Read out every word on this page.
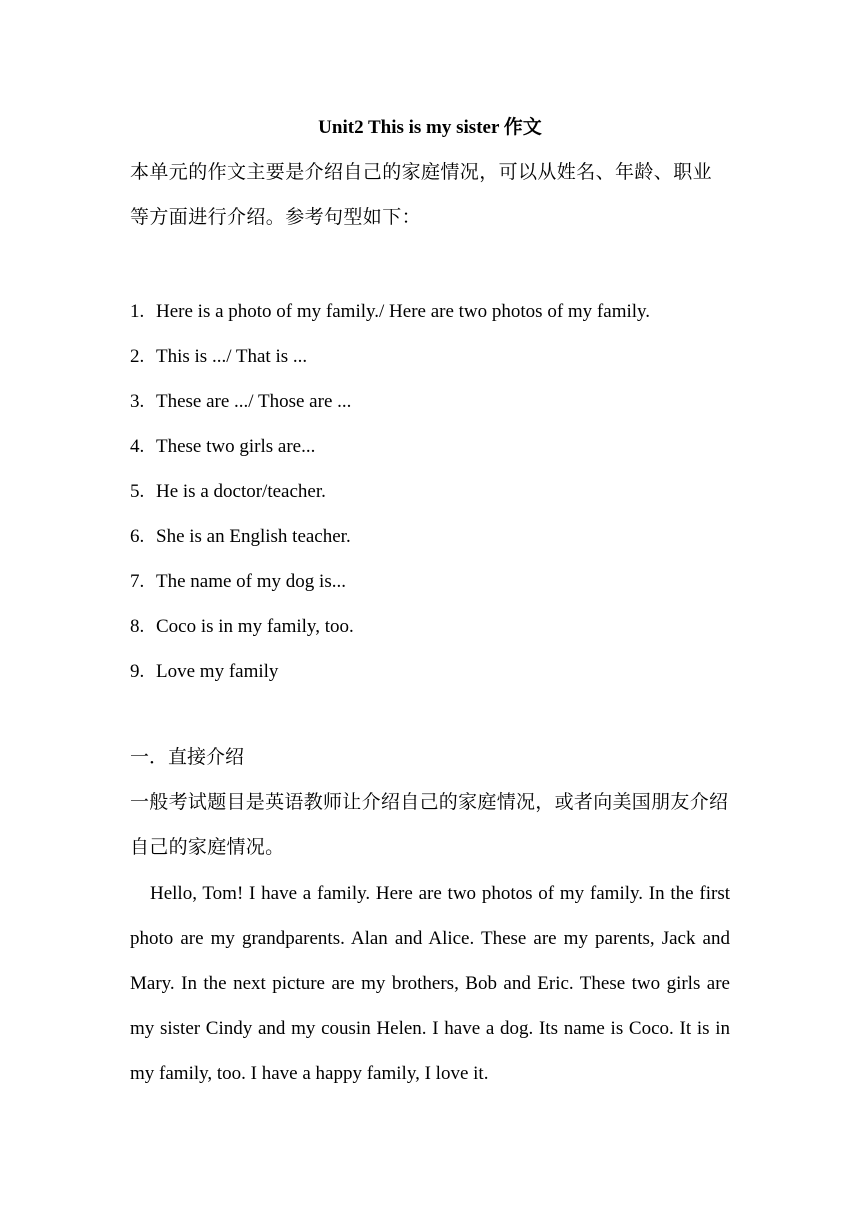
Unit2 This is my sister 作文
本单元的作文主要是介绍自己的家庭情况，可以从姓名、年龄、职业等方面进行介绍。参考句型如下：
1. Here is a photo of my family./ Here are two photos of my family.
2. This is .../ That is ...
3. These are .../ Those are ...
4. These two girls are...
5. He is a doctor/teacher.
6. She is an English teacher.
7. The name of my dog is...
8. Coco is in my family, too.
9. Love my family
一．直接介绍
一般考试题目是英语教师让介绍自己的家庭情况，或者向美国朋友介绍自己的家庭情况。
Hello, Tom! I have a family. Here are two photos of my family. In the first photo are my grandparents. Alan and Alice. These are my parents, Jack and Mary. In the next picture are my brothers, Bob and Eric. These two girls are my sister Cindy and my cousin Helen. I have a dog. Its name is Coco. It is in my family, too. I have a happy family, I love it.
